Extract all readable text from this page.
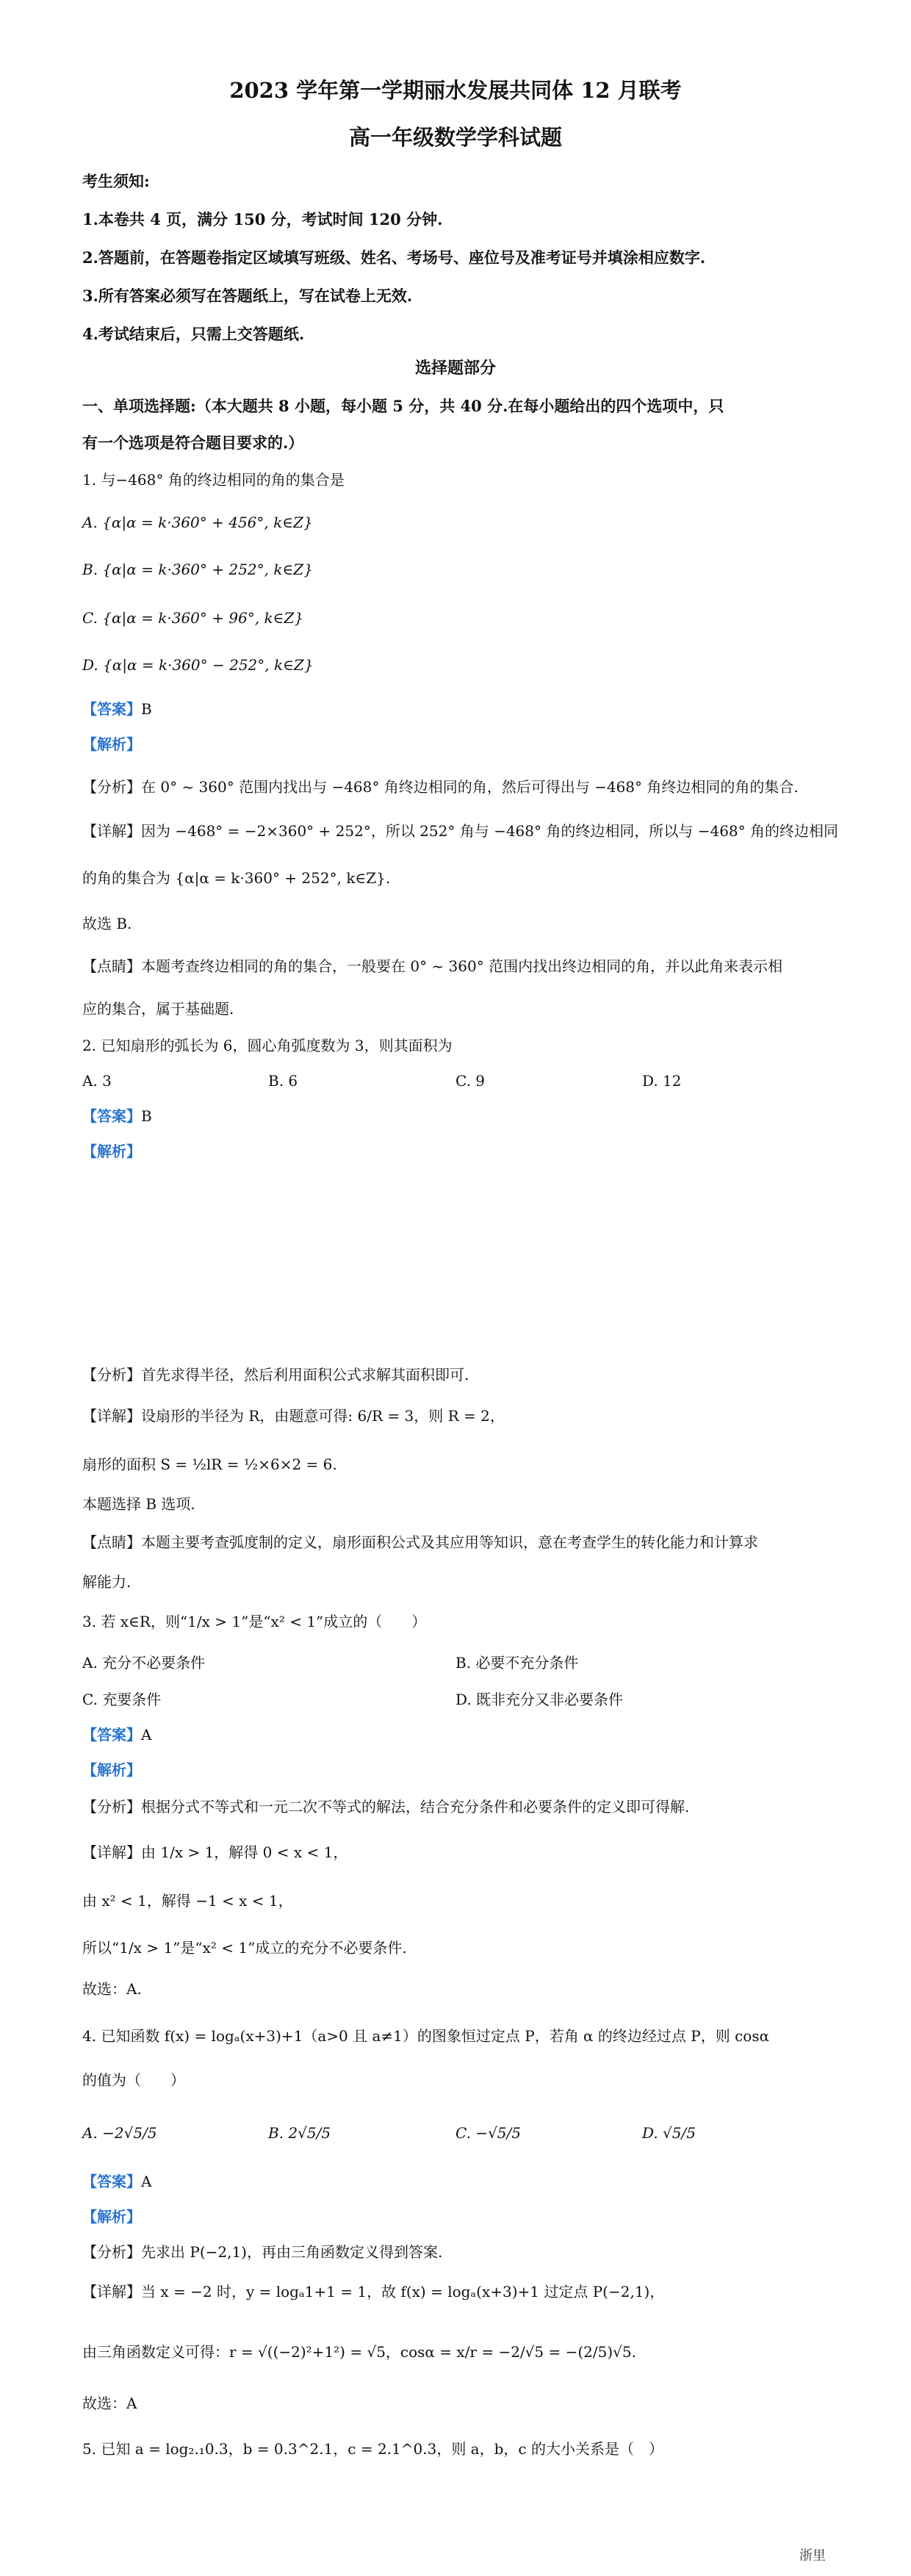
2023 学年第一学期丽水发展共同体 12 月联考
高一年级数学学科试题
考生须知:
1.本卷共 4 页，满分 150 分，考试时间 120 分钟.
2.答题前，在答题卷指定区域填写班级、姓名、考场号、座位号及准考证号并填涂相应数字.
3.所有答案必须写在答题纸上，写在试卷上无效.
4.考试结束后，只需上交答题纸.
选择题部分
一、单项选择题:（本大题共 8 小题，每小题 5 分，共 40 分.在每小题给出的四个选项中，只
有一个选项是符合题目要求的.）
1. 与−468° 角的终边相同的角的集合是
A. {α|α = k·360° + 456°, k∈Z}
B. {α|α = k·360° + 252°, k∈Z}
C. {α|α = k·360° + 96°, k∈Z}
D. {α|α = k·360° − 252°, k∈Z}
【答案】B
【解析】
【分析】在 0° ~ 360° 范围内找出与 −468° 角终边相同的角，然后可得出与 −468° 角终边相同的角的集合.
【详解】因为 −468° = −2×360° + 252°，所以 252° 角与 −468° 角的终边相同，所以与 −468° 角的终边相同
的角的集合为 {α|α = k·360° + 252°, k∈Z}.
故选 B.
【点睛】本题考查终边相同的角的集合，一般要在 0° ~ 360° 范围内找出终边相同的角，并以此角来表示相
应的集合，属于基础题.
2. 已知扇形的弧长为 6，圆心角弧度数为 3，则其面积为
A. 3	B. 6	C. 9	D. 12
【答案】B
【解析】
【分析】首先求得半径，然后利用面积公式求解其面积即可.
【详解】设扇形的半径为 R，由题意可得: 6/R = 3，则 R = 2，
扇形的面积 S = ½lR = ½×6×2 = 6.
本题选择 B 选项.
【点睛】本题主要考查弧度制的定义，扇形面积公式及其应用等知识，意在考查学生的转化能力和计算求
解能力.
3. 若 x∈R，则“1/x > 1”是“x² < 1”成立的（　　）
A. 充分不必要条件	B. 必要不充分条件
C. 充要条件	D. 既非充分又非必要条件
【答案】A
【解析】
【分析】根据分式不等式和一元二次不等式的解法，结合充分条件和必要条件的定义即可得解.
【详解】由 1/x > 1，解得 0 < x < 1，
由 x² < 1，解得 −1 < x < 1，
所以“1/x > 1”是“x² < 1”成立的充分不必要条件.
故选：A.
4. 已知函数 f(x) = logₐ(x+3)+1（a>0 且 a≠1）的图象恒过定点 P，若角 α 的终边经过点 P，则 cosα
的值为（　　）
A. −2√5/5	B. 2√5/5	C. −√5/5	D. √5/5
【答案】A
【解析】
【分析】先求出 P(−2,1)，再由三角函数定义得到答案.
【详解】当 x = −2 时，y = logₐ1+1 = 1，故 f(x) = logₐ(x+3)+1 过定点 P(−2,1)，
由三角函数定义可得：r = √((−2)²+1²) = √5，cosα = x/r = −2/√5 = −(2/5)√5.
故选：A
5. 已知 a = log₂.₁0.3，b = 0.3^2.1，c = 2.1^0.3，则 a，b，c 的大小关系是（　）
浙里
